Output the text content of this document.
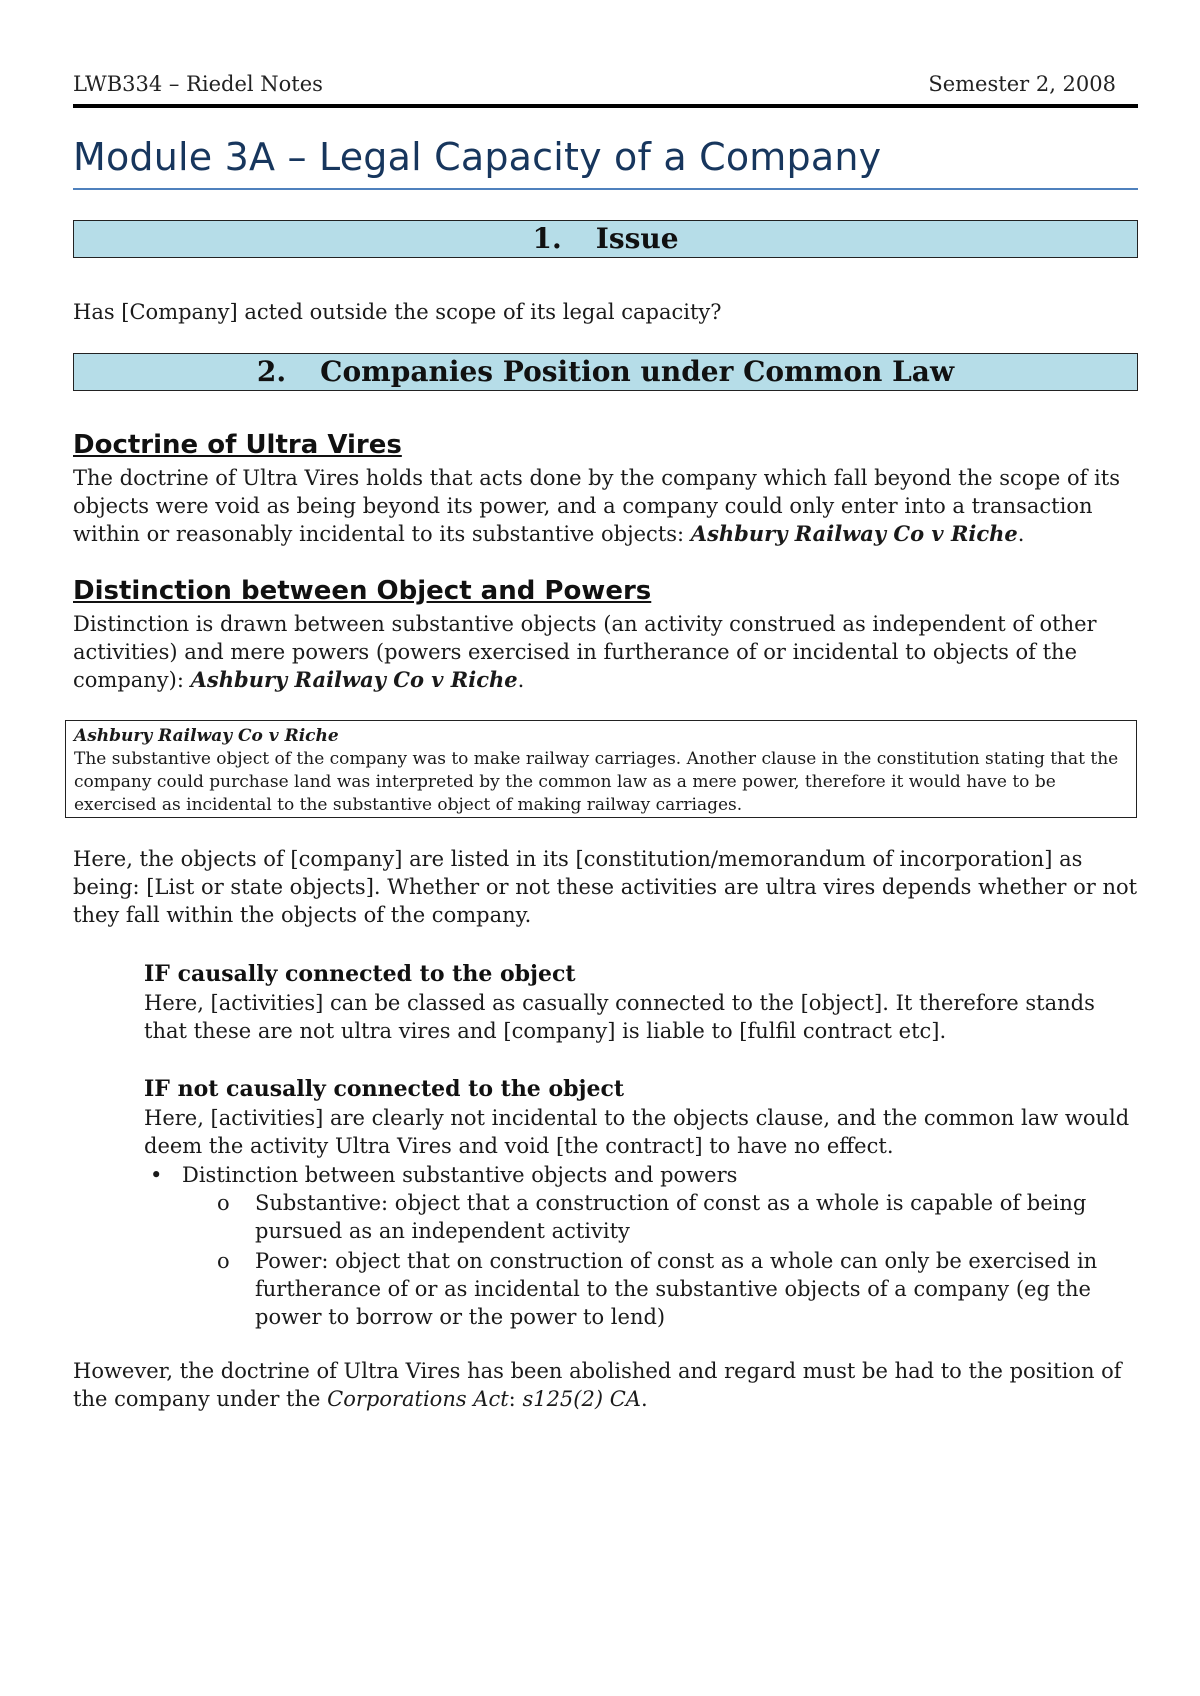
LWB334 – Riedel Notes	Semester 2, 2008
Module 3A – Legal Capacity of a Company
1. Issue
Has [Company] acted outside the scope of its legal capacity?
2. Companies Position under Common Law
Doctrine of Ultra Vires
The doctrine of Ultra Vires holds that acts done by the company which fall beyond the scope of its objects were void as being beyond its power, and a company could only enter into a transaction within or reasonably incidental to its substantive objects: Ashbury Railway Co v Riche.
Distinction between Object and Powers
Distinction is drawn between substantive objects (an activity construed as independent of other activities) and mere powers (powers exercised in furtherance of or incidental to objects of the company): Ashbury Railway Co v Riche.
Ashbury Railway Co v Riche
The substantive object of the company was to make railway carriages. Another clause in the constitution stating that the company could purchase land was interpreted by the common law as a mere power, therefore it would have to be exercised as incidental to the substantive object of making railway carriages.
Here, the objects of [company] are listed in its [constitution/memorandum of incorporation] as being: [List or state objects]. Whether or not these activities are ultra vires depends whether or not they fall within the objects of the company.
IF causally connected to the object
Here, [activities] can be classed as casually connected to the [object]. It therefore stands that these are not ultra vires and [company] is liable to [fulfil contract etc].
IF not causally connected to the object
Here, [activities] are clearly not incidental to the objects clause, and the common law would deem the activity Ultra Vires and void [the contract] to have no effect.
• Distinction between substantive objects and powers
o Substantive: object that a construction of const as a whole is capable of being pursued as an independent activity
o Power: object that on construction of const as a whole can only be exercised in furtherance of or as incidental to the substantive objects of a company (eg the power to borrow or the power to lend)
However, the doctrine of Ultra Vires has been abolished and regard must be had to the position of the company under the Corporations Act: s125(2) CA.
